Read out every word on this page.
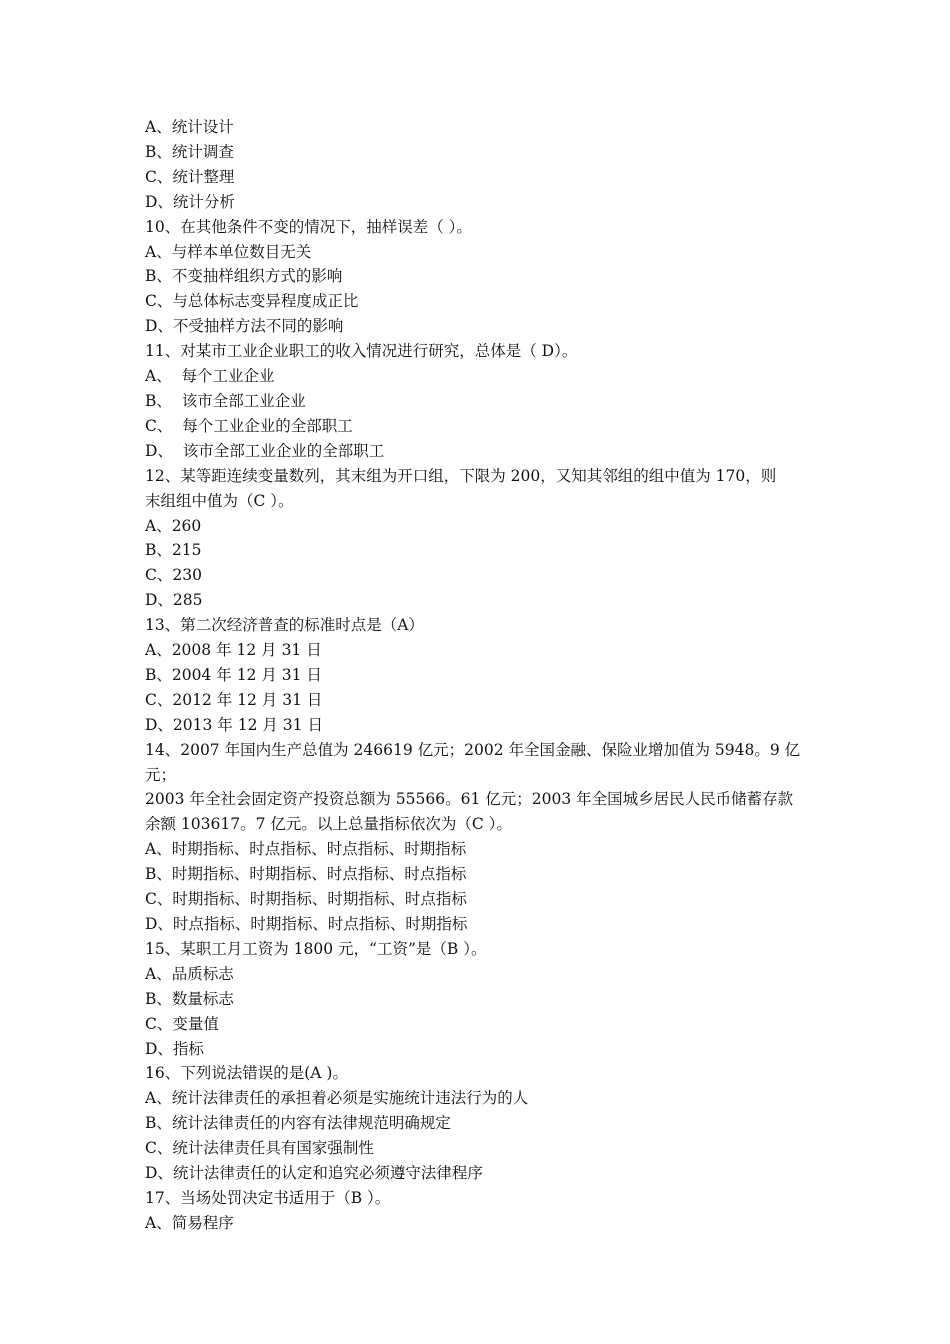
A、统计设计

B、统计调查

C、统计整理

D、统计分析

10、在其他条件不变的情况下，抽样误差（ ）。

A、与样本单位数目无关

B、不变抽样组织方式的影响

C、与总体标志变异程度成正比

D、不受抽样方法不同的影响

11、对某市工业企业职工的收入情况进行研究，总体是（ D）。

A、  每个工业企业

B、  该市全部工业企业

C、  每个工业企业的全部职工

D、  该市全部工业企业的全部职工

12、某等距连续变量数列，其末组为开口组，下限为 200，又知其邻组的组中值为 170，则

末组组中值为（C ）。

A、260

B、215

C、230

D、285

13、第二次经济普查的标准时点是（A）

A、2008 年 12 月 31 日

B、2004 年 12 月 31 日

C、2012 年 12 月 31 日

D、2013 年 12 月 31 日

14、2007 年国内生产总值为 246619 亿元；2002 年全国金融、保险业增加值为 5948。9 亿元；

2003 年全社会固定资产投资总额为 55566。61 亿元；2003 年全国城乡居民人民币储蓄存款

余额 103617。7 亿元。以上总量指标依次为（C ）。

A、时期指标、时点指标、时点指标、时期指标

B、时期指标、时期指标、时点指标、时点指标

C、时期指标、时期指标、时期指标、时点指标

D、时点指标、时期指标、时点指标、时期指标

15、某职工月工资为 1800 元，“工资”是（B ）。

A、品质标志

B、数量标志

C、变量值

D、指标

16、下列说法错误的是(A )。

A、统计法律责任的承担着必须是实施统计违法行为的人

B、统计法律责任的内容有法律规范明确规定

C、统计法律责任具有国家强制性

D、统计法律责任的认定和追究必须遵守法律程序

17、当场处罚决定书适用于（B ）。

A、简易程序
